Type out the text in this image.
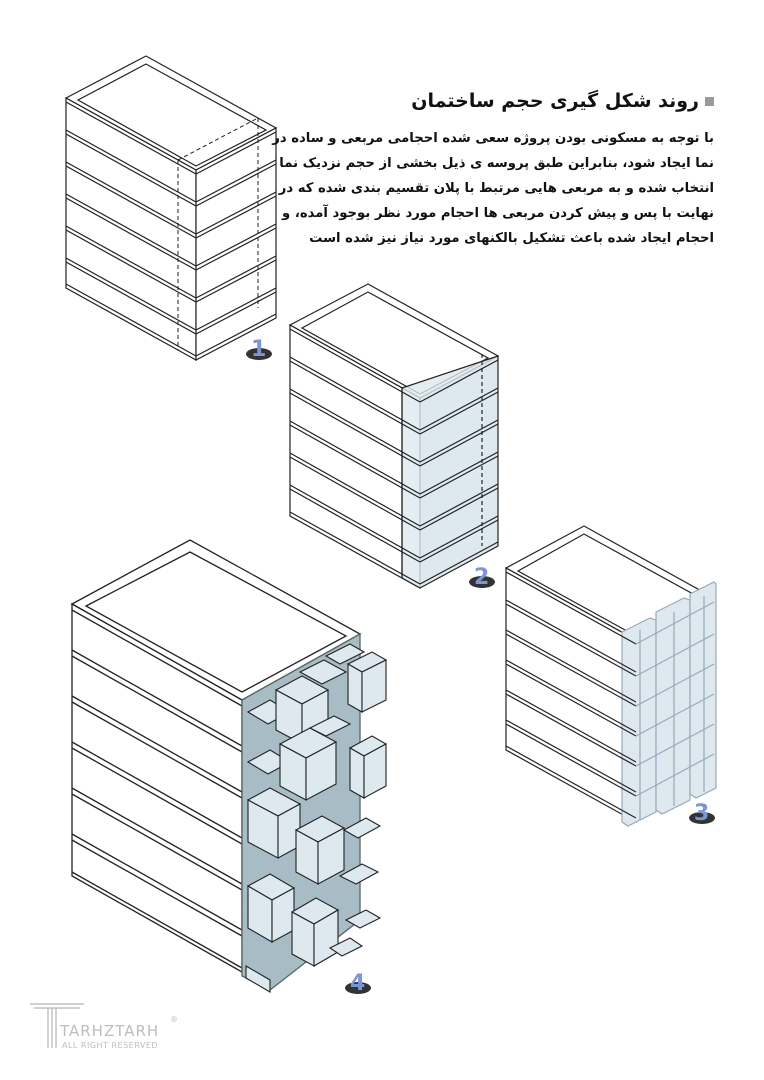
1
2
3
4
TARHZTARH
ALL RIGHT RESERVED
®
روند شکل گیری حجم ساختمان
با توجه به مسکونی بودن پروژه سعی شده احجامی مربعی و ساده در
نما ایجاد شود، بنابراین طبق پروسه ی ذیل بخشی از حجم نزدیک نما
انتخاب شده و به مربعی هایی مرتبط با پلان تقسیم بندی شده که در
نهایت با پس و پیش کردن مربعی ها احجام مورد نظر بوجود آمده، و
احجام ایجاد شده باعث تشکیل بالکنهای مورد نیاز نیز شده است
